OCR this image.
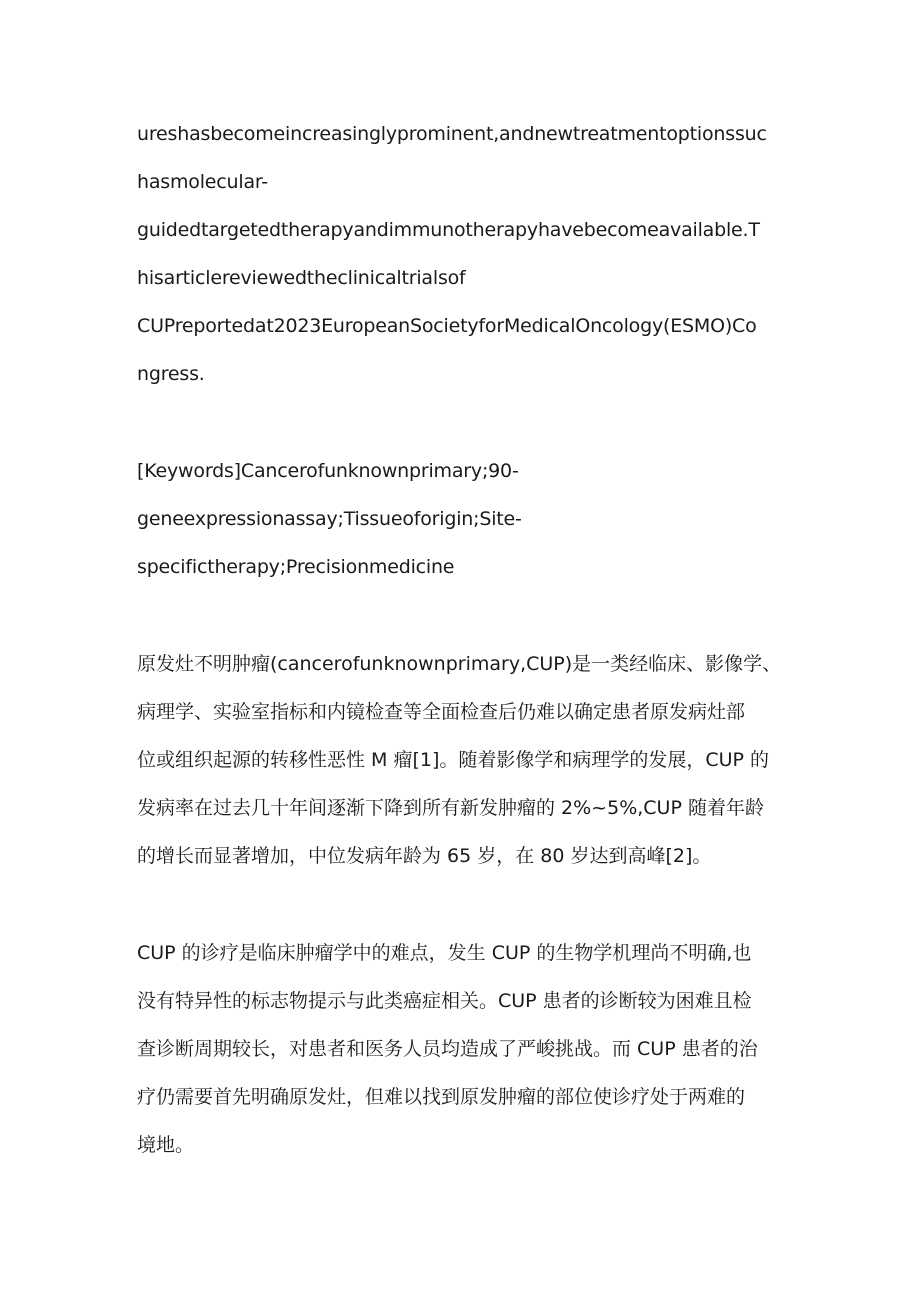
ureshasbecomeincreasinglyprominent,andnewtreatmentoptionssuc
hasmolecular-
guidedtargetedtherapyandimmunotherapyhavebecomeavailable.T
hisarticlereviewedtheclinicaltrialsof
CUPreportedat2023EuropeanSocietyforMedicalOncology(ESMO)Co
ngress.
[Keywords]Cancerofunknownprimary;90-
geneexpressionassay;Tissueoforigin;Site-
specifictherapy;Precisionmedicine
原发灶不明肿瘤(cancerofunknownprimary,CUP)是一类经临床、影像学、
病理学、实验室指标和内镜检查等全面检查后仍难以确定患者原发病灶部
位或组织起源的转移性恶性 M 瘤[1]。随着影像学和病理学的发展，CUP 的
发病率在过去几十年间逐渐下降到所有新发肿瘤的 2%~5%,CUP 随着年龄
的增长而显著增加，中位发病年龄为 65 岁，在 80 岁达到高峰[2]。
CUP 的诊疗是临床肿瘤学中的难点，发生 CUP 的生物学机理尚不明确,也
没有特异性的标志物提示与此类癌症相关。CUP 患者的诊断较为困难且检
查诊断周期较长，对患者和医务人员均造成了严峻挑战。而 CUP 患者的治
疗仍需要首先明确原发灶，但难以找到原发肿瘤的部位使诊疗处于两难的
境地。
